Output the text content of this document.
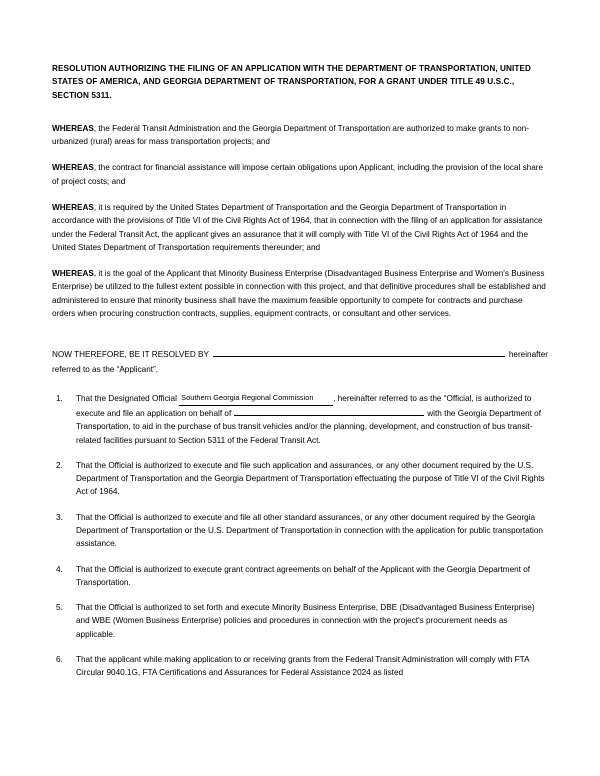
RESOLUTION AUTHORIZING THE FILING OF AN APPLICATION WITH THE DEPARTMENT OF TRANSPORTATION, UNITED STATES OF AMERICA, AND GEORGIA DEPARTMENT OF TRANSPORTATION, FOR A GRANT UNDER TITLE 49 U.S.C., SECTION 5311.

WHEREAS, the Federal Transit Administration and the Georgia Department of Transportation are authorized to make grants to non-urbanized (rural) areas for mass transportation projects; and

WHEREAS, the contract for financial assistance will impose certain obligations upon Applicant, including the provision of the local share of project costs; and

WHEREAS, it is required by the United States Department of Transportation and the Georgia Department of Transportation in accordance with the provisions of Title VI of the Civil Rights Act of 1964, that in connection with the filing of an application for assistance under the Federal Transit Act, the applicant gives an assurance that it will comply with Title VI of the Civil Rights Act of 1964 and the United States Department of Transportation requirements thereunder; and

WHEREAS, it is the goal of the Applicant that Minority Business Enterprise (Disadvantaged Business Enterprise and Women's Business Enterprise) be utilized to the fullest extent possible in connection with this project, and that definitive procedures shall be established and administered to ensure that minority business shall have the maximum feasible opportunity to compete for contracts and purchase orders when procuring construction contracts, supplies, equipment contracts, or consultant and other services.

NOW THEREFORE, BE IT RESOLVED BY	hereinafter
referred to as the “Applicant”,
1.	That the Designated Official Southern Georgia Regional Commission , hereinafter referred to as the “Official, is authorized to execute and file an application on behalf of	with the Georgia Department of Transportation, to aid in the purchase of bus transit vehicles and/or the planning, development, and construction of bus transit-related facilities pursuant to Section 5311 of the Federal Transit Act.
2.	That the Official is authorized to execute and file such application and assurances, or any other document required by the U.S. Department of Transportation and the Georgia Department of Transportation effectuating the purpose of Title VI of the Civil Rights Act of 1964.
3.	That the Official is authorized to execute and file all other standard assurances, or any other document required by the Georgia Department of Transportation or the U.S. Department of Transportation in connection with the application for public transportation assistance.
4.	That the Official is authorized to execute grant contract agreements on behalf of the Applicant with the Georgia Department of Transportation.
5.	That the Official is authorized to set forth and execute Minority Business Enterprise, DBE (Disadvantaged Business Enterprise) and WBE (Women Business Enterprise) policies and procedures in connection with the project's procurement needs as applicable.
6.	That the applicant while making application to or receiving grants from the Federal Transit Administration will comply with FTA Circular 9040.1G, FTA Certifications and Assurances for Federal Assistance 2024 as listed
